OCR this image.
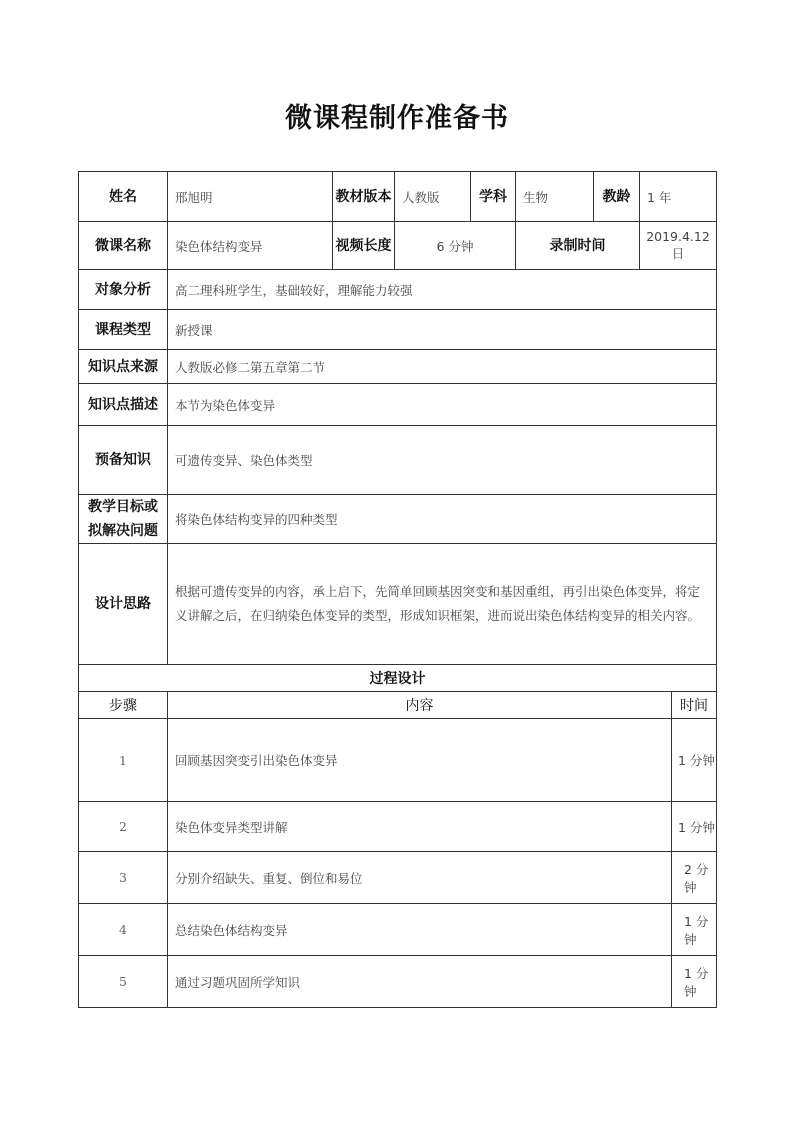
微课程制作准备书
姓名	邢旭明	教材版本	人教版	学科	生物	教龄	1 年	
微课名称	染色体结构变异	视频长度	6 分钟		录制时间		2019.4.12 日	
对象分析	高二理科班学生，基础较好，理解能力较强							
课程类型	新授课							
知识点来源	人教版必修二第五章第二节							
知识点描述	本节为染色体变异							
预备知识	可遗传变异、染色体类型							
教学目标或拟解决问题	将染色体结构变异的四种类型							
设计思路	根据可遗传变异的内容，承上启下，先简单回顾基因突变和基因重组，再引出染色体变异，将定义讲解之后，在归纳染色体变异的类型，形成知识框架，进而说出染色体结构变异的相关内容。							
过程设计								
步骤	内容							时间
1	回顾基因突变引出染色体变异							1 分钟
2	染色体变异类型讲解							1 分钟
3	分别介绍缺失、重复、倒位和易位							2 分钟
4	总结染色体结构变异							1 分钟
5	通过习题巩固所学知识							1 分钟
